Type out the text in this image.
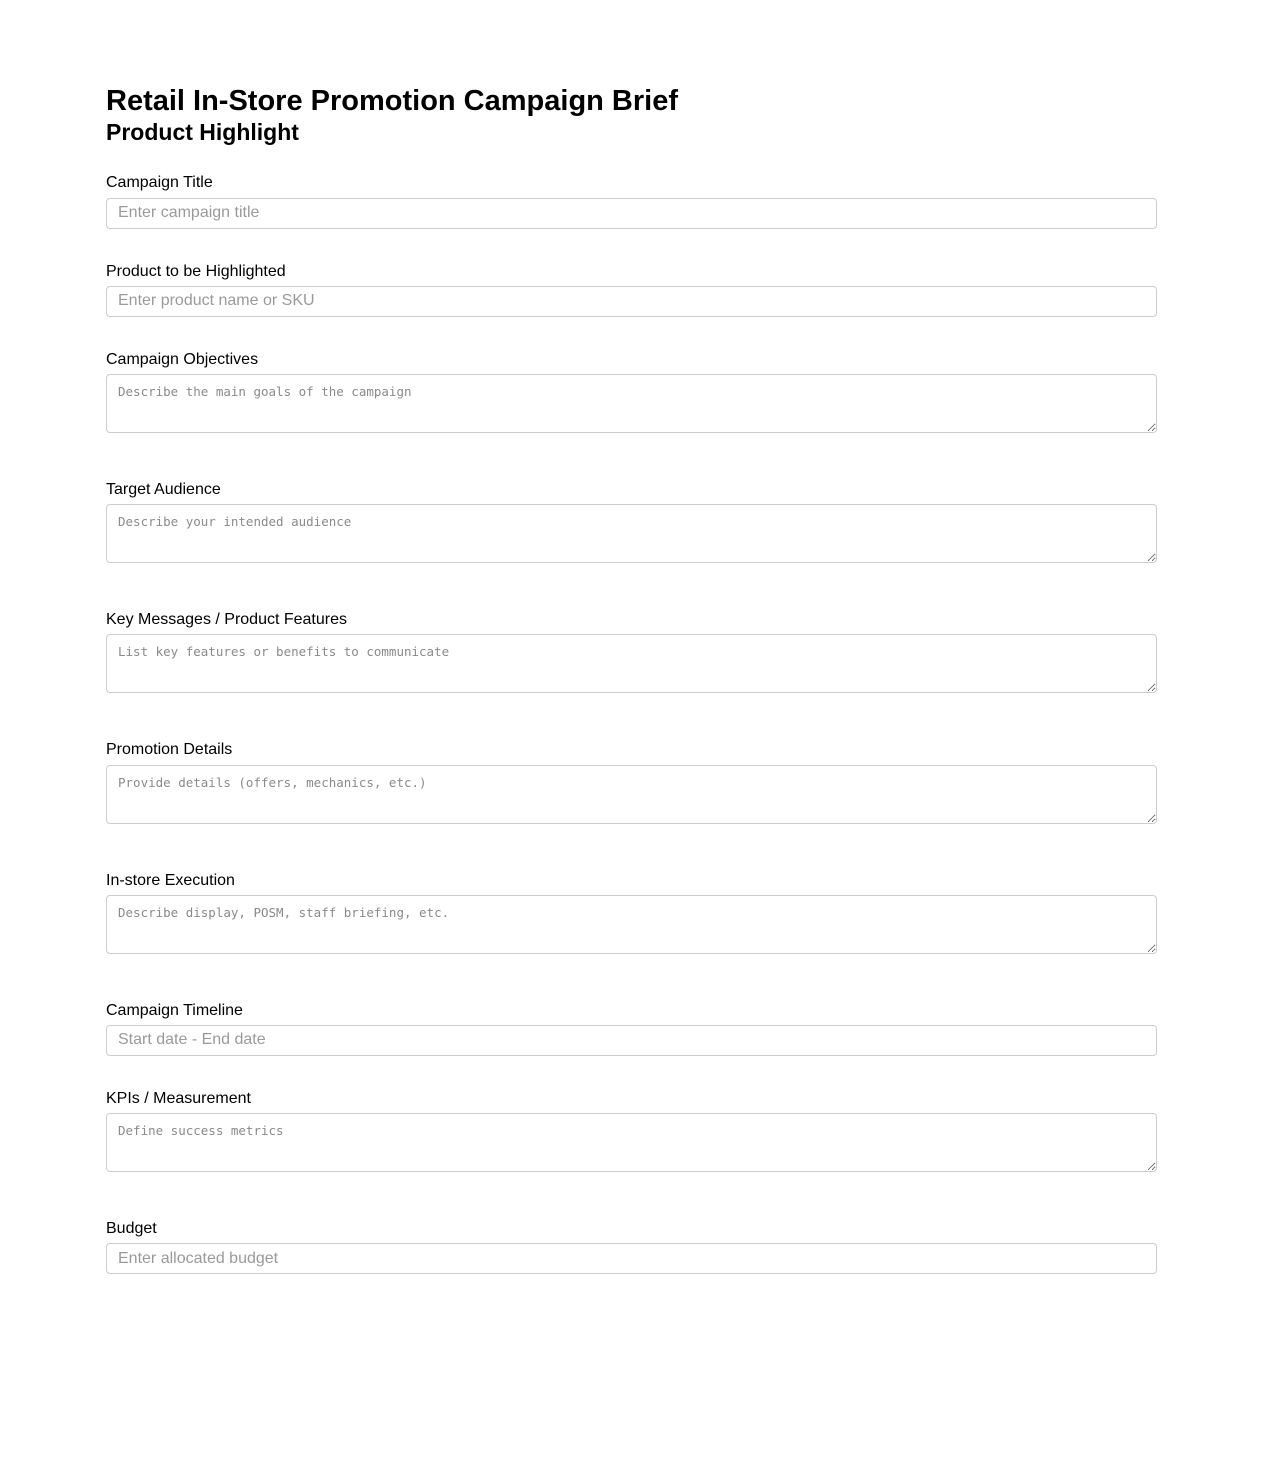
Retail In-Store Promotion Campaign Brief
Product Highlight
Campaign Title
Enter campaign title
Product to be Highlighted
Enter product name or SKU
Campaign Objectives
Describe the main goals of the campaign
Target Audience
Describe your intended audience
Key Messages / Product Features
List key features or benefits to communicate
Promotion Details
Provide details (offers, mechanics, etc.)
In-store Execution
Describe display, POSM, staff briefing, etc.
Campaign Timeline
Start date - End date
KPIs / Measurement
Define success metrics
Budget
Enter allocated budget
